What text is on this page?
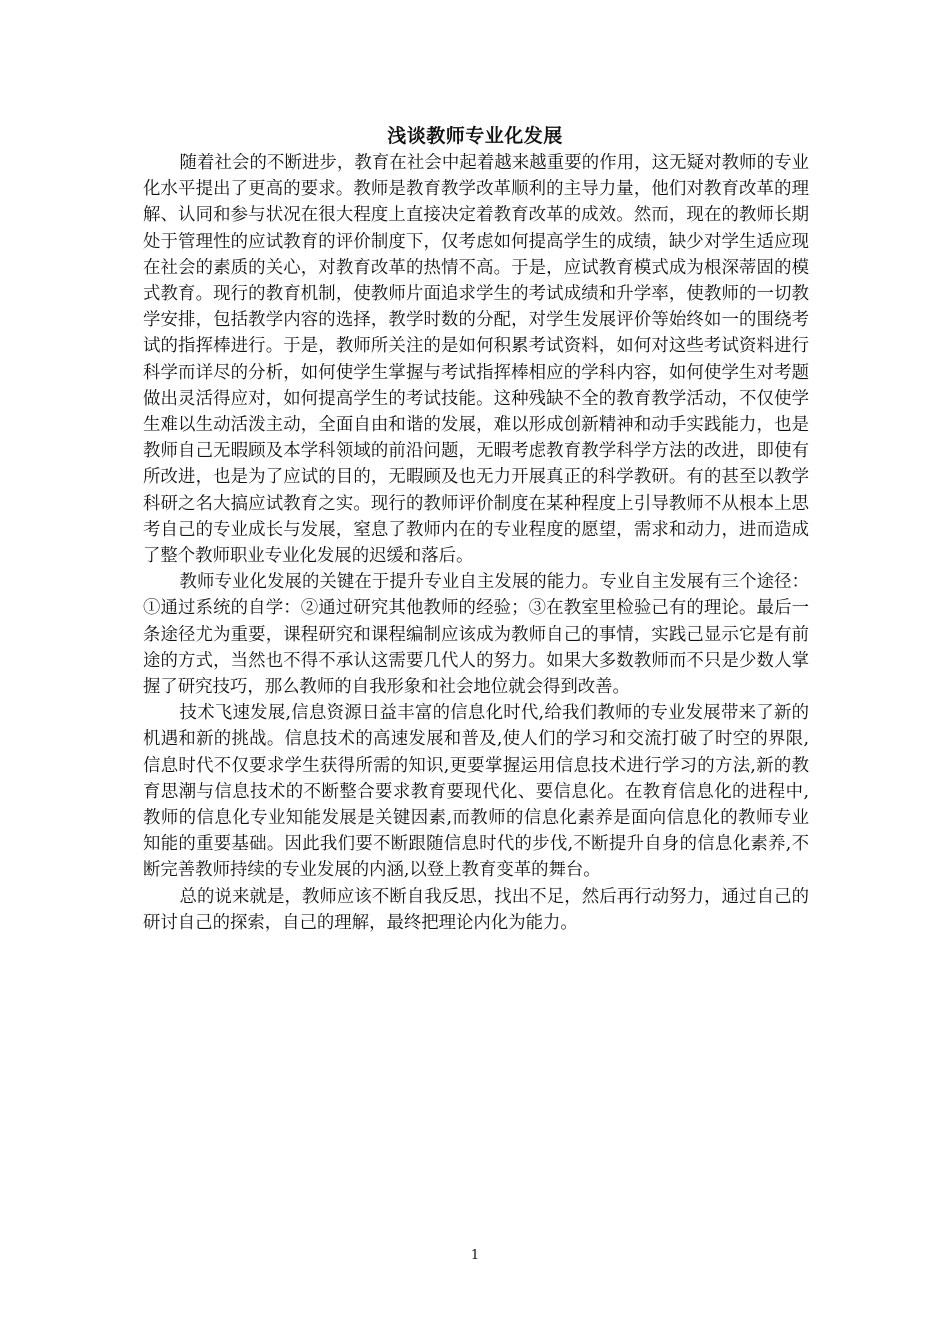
浅谈教师专业化发展

随着社会的不断进步，教育在社会中起着越来越重要的作用，这无疑对教师的专业化水平提出了更高的要求。教师是教育教学改革顺利的主导力量，他们对教育改革的理解、认同和参与状况在很大程度上直接决定着教育改革的成效。然而，现在的教师长期处于管理性的应试教育的评价制度下，仅考虑如何提高学生的成绩，缺少对学生适应现在社会的素质的关心，对教育改革的热情不高。于是，应试教育模式成为根深蒂固的模式教育。现行的教育机制，使教师片面追求学生的考试成绩和升学率，使教师的一切教学安排，包括教学内容的选择，教学时数的分配，对学生发展评价等始终如一的围绕考试的指挥棒进行。于是，教师所关注的是如何积累考试资料，如何对这些考试资料进行科学而详尽的分析，如何使学生掌握与考试指挥棒相应的学科内容，如何使学生对考题做出灵活得应对，如何提高学生的考试技能。这种残缺不全的教育教学活动，不仅使学生难以生动活泼主动，全面自由和谐的发展，难以形成创新精神和动手实践能力，也是教师自己无暇顾及本学科领域的前沿问题，无暇考虑教育教学科学方法的改进，即使有所改进，也是为了应试的目的，无暇顾及也无力开展真正的科学教研。有的甚至以教学科研之名大搞应试教育之实。现行的教师评价制度在某种程度上引导教师不从根本上思考自己的专业成长与发展，窒息了教师内在的专业程度的愿望，需求和动力，进而造成了整个教师职业专业化发展的迟缓和落后。

教师专业化发展的关键在于提升专业自主发展的能力。专业自主发展有三个途径：①通过系统的自学：②通过研究其他教师的经验；③在教室里检验己有的理论。最后一条途径尤为重要，课程研究和课程编制应该成为教师自己的事情，实践己显示它是有前途的方式，当然也不得不承认这需要几代人的努力。如果大多数教师而不只是少数人掌握了研究技巧，那么教师的自我形象和社会地位就会得到改善。

技术飞速发展,信息资源日益丰富的信息化时代,给我们教师的专业发展带来了新的机遇和新的挑战。信息技术的高速发展和普及,使人们的学习和交流打破了时空的界限,信息时代不仅要求学生获得所需的知识,更要掌握运用信息技术进行学习的方法,新的教育思潮与信息技术的不断整合要求教育要现代化、要信息化。在教育信息化的进程中,教师的信息化专业知能发展是关键因素,而教师的信息化素养是面向信息化的教师专业知能的重要基础。因此我们要不断跟随信息时代的步伐,不断提升自身的信息化素养,不断完善教师持续的专业发展的内涵,以登上教育变革的舞台。

总的说来就是，教师应该不断自我反思，找出不足，然后再行动努力，通过自己的研讨自己的探索，自己的理解，最终把理论内化为能力。

1
